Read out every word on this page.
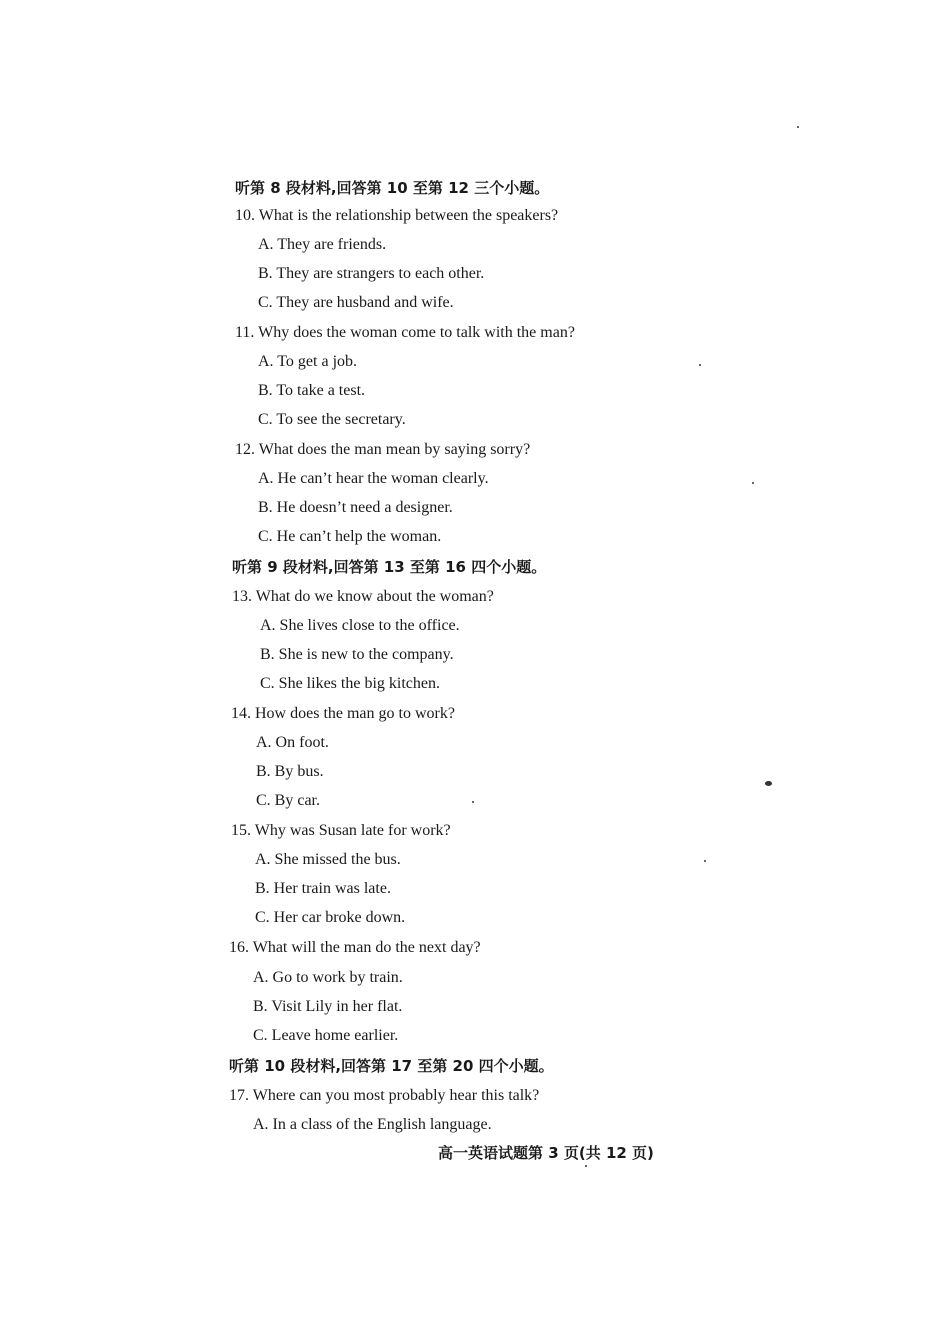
听第 8 段材料,回答第 10 至第 12 三个小题。
10. What is the relationship between the speakers?
A. They are friends.
B. They are strangers to each other.
C. They are husband and wife.
11. Why does the woman come to talk with the man?
A. To get a job.
B. To take a test.
C. To see the secretary.
12. What does the man mean by saying sorry?
A. He can’t hear the woman clearly.
B. He doesn’t need a designer.
C. He can’t help the woman.
听第 9 段材料,回答第 13 至第 16 四个小题。
13. What do we know about the woman?
A. She lives close to the office.
B. She is new to the company.
C. She likes the big kitchen.
14. How does the man go to work?
A. On foot.
B. By bus.
C. By car.
15. Why was Susan late for work?
A. She missed the bus.
B. Her train was late.
C. Her car broke down.
16. What will the man do the next day?
A. Go to work by train.
B. Visit Lily in her flat.
C. Leave home earlier.
听第 10 段材料,回答第 17 至第 20 四个小题。
17. Where can you most probably hear this talk?
A. In a class of the English language.
高一英语试题第 3 页(共 12 页)
